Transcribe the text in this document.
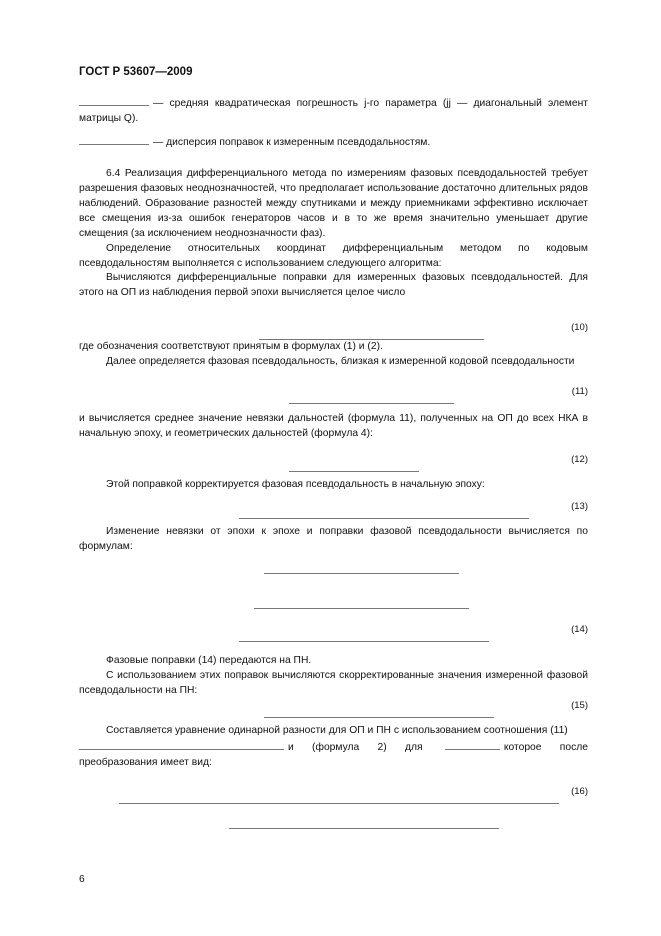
ГОСТ Р 53607—2009
— средняя квадратическая погрешность j-го параметра (jj — диагональный элемент матрицы Q).
— дисперсия поправок к измеренным псевдодальностям.
6.4 Реализация дифференциального метода по измерениям фазовых псевдодальностей требует разрешения фазовых неоднозначностей, что предполагает использование достаточно длительных рядов наблюдений. Образование разностей между спутниками и между приемниками эффективно исключает все смещения из-за ошибок генераторов часов и в то же время значительно уменьшает другие смещения (за исключением неоднозначности фаз).
Определение относительных координат дифференциальным методом по кодовым псевдодальностям выполняется с использованием следующего алгоритма:
Вычисляются дифференциальные поправки для измеренных фазовых псевдодальностей. Для этого на ОП из наблюдения первой эпохи вычисляется целое число
(10)
где обозначения соответствуют принятым в формулах (1) и (2).
Далее определяется фазовая псевдодальность, близкая к измеренной кодовой псевдодальности
(11)
и вычисляется среднее значение невязки дальностей (формула 11), полученных на ОП до всех НКА в начальную эпоху, и геометрических дальностей (формула 4):
(12)
Этой поправкой корректируется фазовая псевдодальность в начальную эпоху:
(13)
Изменение невязки от эпохи к эпохе и поправки фазовой псевдодальности вычисляется по формулам:
(14)
Фазовые поправки (14) передаются на ПН.
С использованием этих поправок вычисляются скорректированные значения измеренной фазовой псевдодальности на ПН:
(15)
Составляется уравнение одинарной разности для ОП и ПН с использованием соотношения (11)
и (формула 2) для	которое после преобразования имеет вид:
(16)
6
